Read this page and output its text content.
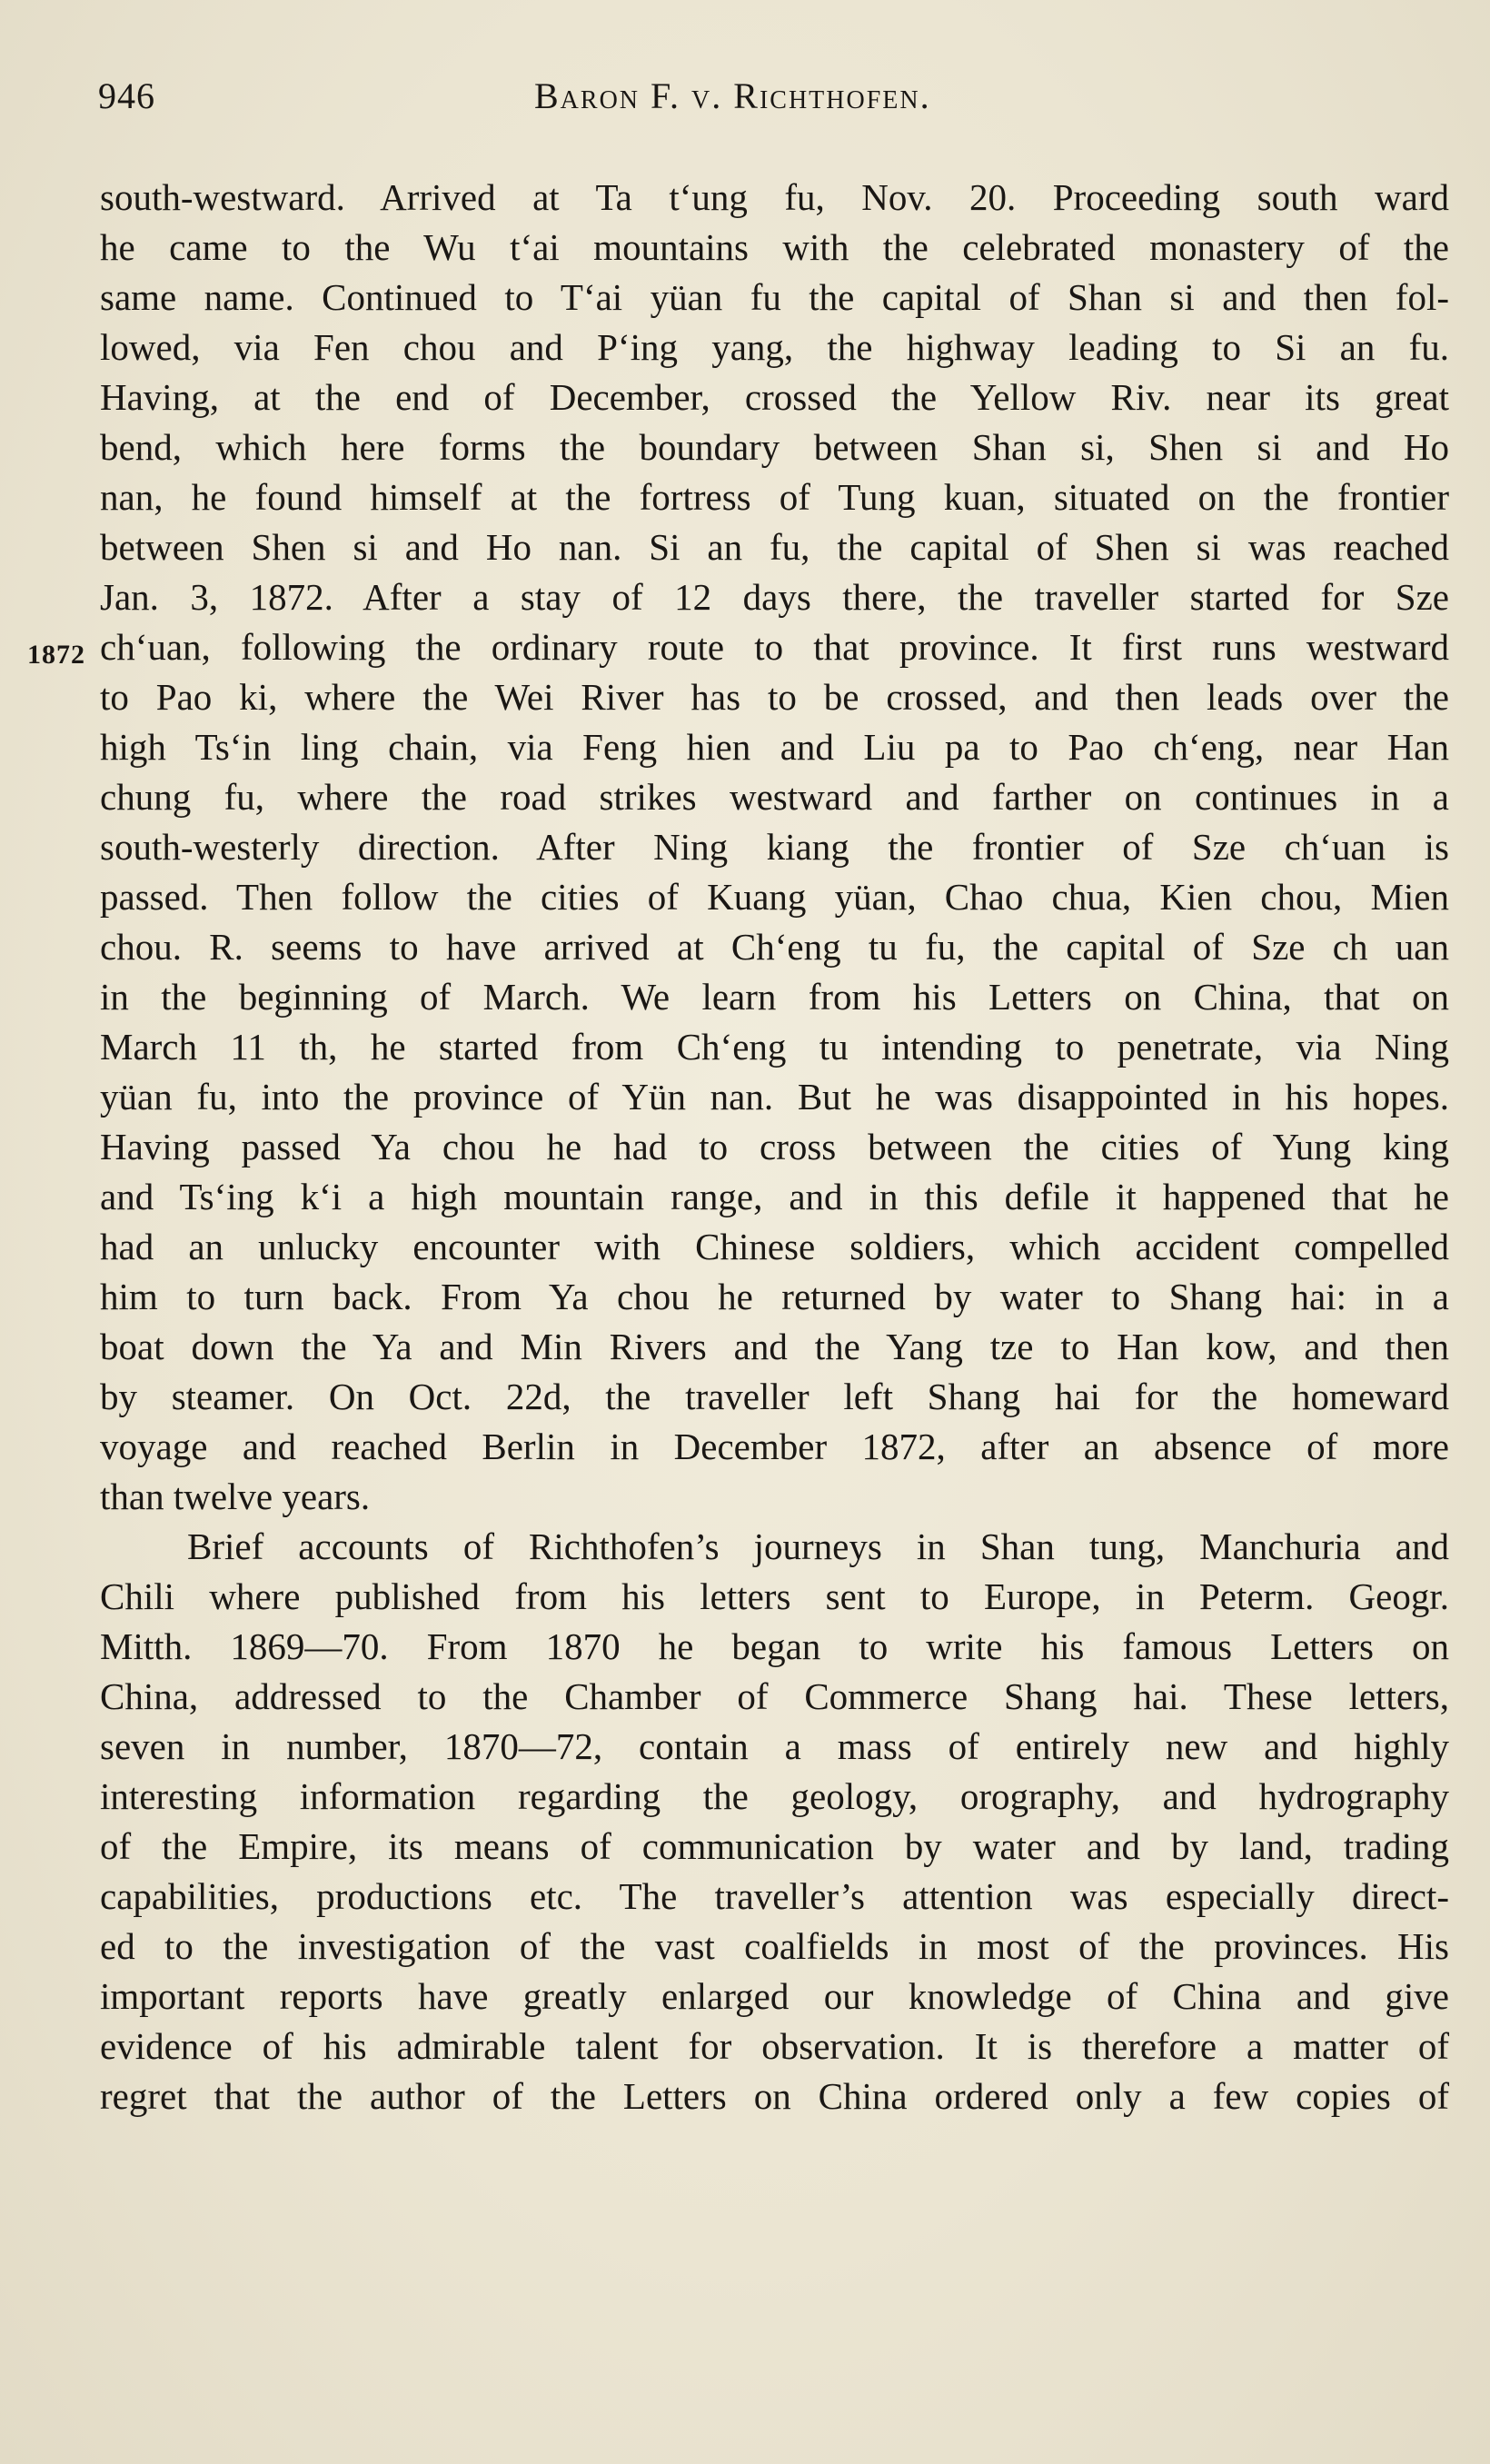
946	Baron F. v. Richthofen.
1872
south-westward. Arrived at Ta tʻung fu, Nov. 20. Proceeding south ward
he came to the Wu tʻai mountains with the celebrated monastery of the
same name. Continued to Tʻai yüan fu the capital of Shan si and then fol-
lowed, via Fen chou and Pʻing yang, the highway leading to Si an fu.
Having, at the end of December, crossed the Yellow Riv. near its great
bend, which here forms the boundary between Shan si, Shen si and Ho
nan, he found himself at the fortress of Tung kuan, situated on the frontier
between Shen si and Ho nan. Si an fu, the capital of Shen si was reached
Jan. 3, 1872. After a stay of 12 days there, the traveller started for Sze
chʻuan, following the ordinary route to that province. It first runs westward
to Pao ki, where the Wei River has to be crossed, and then leads over the
high Tsʻin ling chain, via Feng hien and Liu pa to Pao chʻeng, near Han
chung fu, where the road strikes westward and farther on continues in a
south-westerly direction. After Ning kiang the frontier of Sze chʻuan is
passed. Then follow the cities of Kuang yüan, Chao chua, Kien chou, Mien
chou. R. seems to have arrived at Chʻeng tu fu, the capital of Sze ch uan
in the beginning of March. We learn from his Letters on China, that on
March 11 th, he started from Chʻeng tu intending to penetrate, via Ning
yüan fu, into the province of Yün nan. But he was disappointed in his hopes.
Having passed Ya chou he had to cross between the cities of Yung king
and Tsʻing kʻi a high mountain range, and in this defile it happened that he
had an unlucky encounter with Chinese soldiers, which accident compelled
him to turn back. From Ya chou he returned by water to Shang hai: in a
boat down the Ya and Min Rivers and the Yang tze to Han kow, and then
by steamer. On Oct. 22d, the traveller left Shang hai for the homeward
voyage and reached Berlin in December 1872, after an absence of more
than twelve years.
Brief accounts of Richthofen’s journeys in Shan tung, Manchuria and
Chili where published from his letters sent to Europe, in Peterm. Geogr.
Mitth. 1869—70. From 1870 he began to write his famous Letters on
China, addressed to the Chamber of Commerce Shang hai. These letters,
seven in number, 1870—72, contain a mass of entirely new and highly
interesting information regarding the geology, orography, and hydrography
of the Empire, its means of communication by water and by land, trading
capabilities, productions etc. The traveller’s attention was especially direct-
ed to the investigation of the vast coalfields in most of the provinces. His
important reports have greatly enlarged our knowledge of China and give
evidence of his admirable talent for observation. It is therefore a matter of
regret that the author of the Letters on China ordered only a few copies of
